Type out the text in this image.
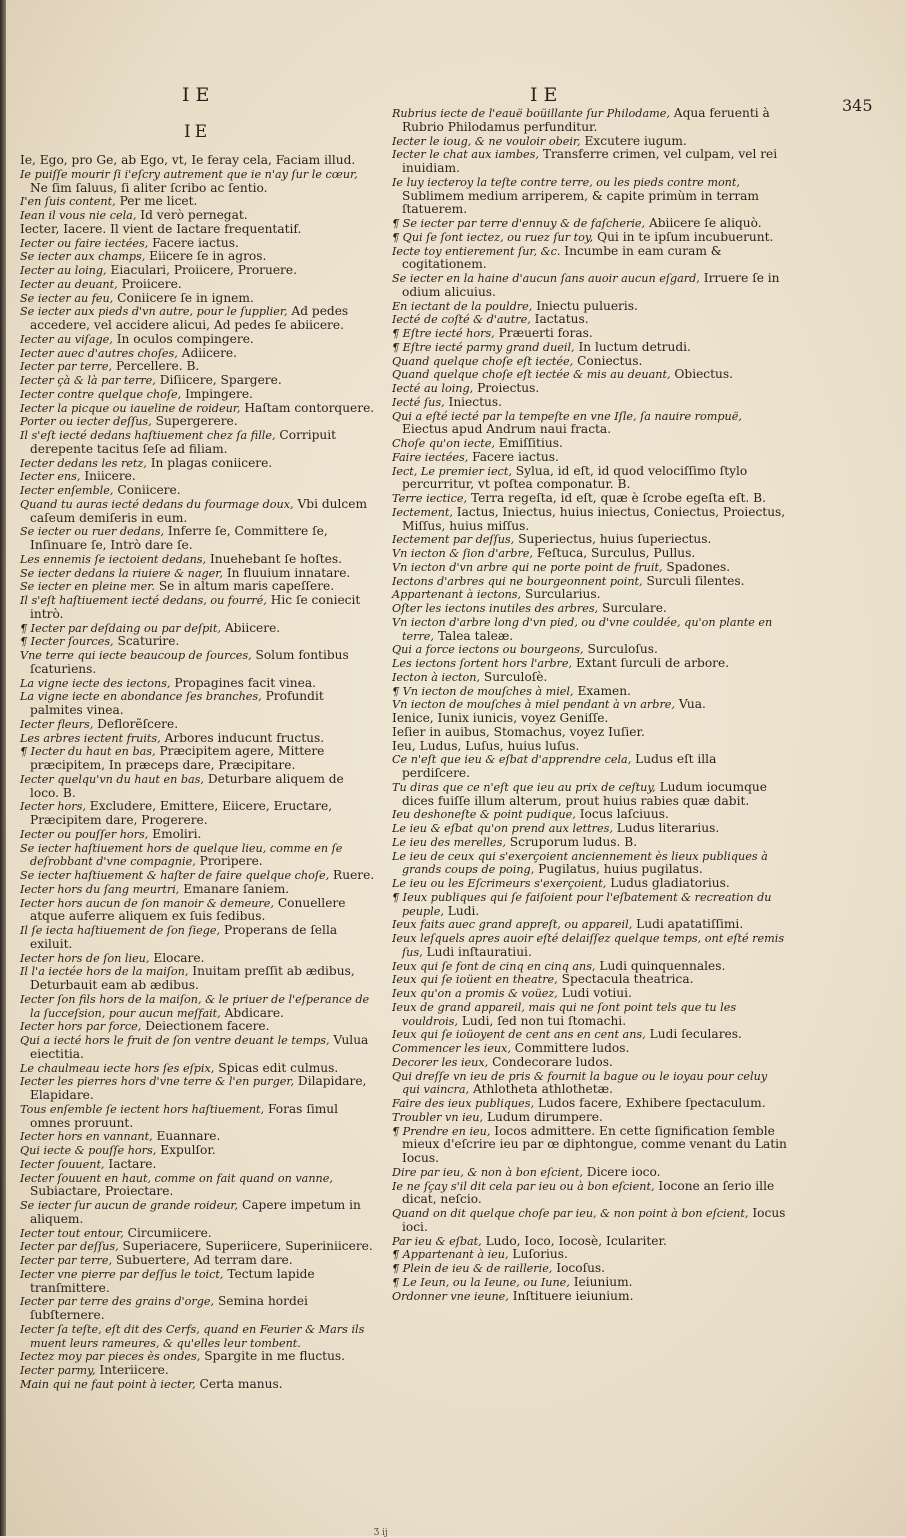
IE	IE	345
IE

Ie, Ego, pro Ge, ab Ego, vt, Ie feray cela, Faciam illud.

Ie puiſſe mourir ſi i'eſcry autrement que ie n'ay ſur le cœur, Ne ſim ſaluus, ſi aliter ſcribo ac ſentio.

I'en ſuis content, Per me licet.

Iean il vous nie cela, Id verò pernegat.

Iecter, Iacere. Il vient de Iactare frequentatif.

Iecter ou faire iectées, Facere iactus.

Se iecter aux champs, Eiicere ſe in agros.

Iecter au loing, Eiaculari, Proiicere, Proruere.

Iecter au deuant, Proiicere.

Se iecter au feu, Coniicere ſe in ignem.

Se iecter aux pieds d'vn autre, pour le ſupplier, Ad pedes accedere, vel accidere alicui, Ad pedes ſe abiicere.

Iecter au viſage, In oculos compingere.

Iecter auec d'autres choſes, Adiicere.

Iecter par terre, Percellere. B.

Iecter çà & là par terre, Diſiicere, Spargere.

Iecter contre quelque choſe, Impingere.

Iecter la picque ou iaueline de roideur, Haſtam contorquere.

Porter ou iecter deſſus, Supergerere.

Il s'eſt iecté dedans haſtiuement chez ſa fille, Corripuit derepente tacitus ſeſe ad filiam.

Iecter dedans les retz, In plagas coniicere.

Iecter ens, Iniicere.

Iecter enſemble, Coniicere.

Quand tu auras iecté dedans du fourmage doux, Vbi dulcem caſeum demiſeris in eum.

Se iecter ou ruer dedans, Inferre ſe, Committere ſe, Inſinuare ſe, Intrò dare ſe.

Les ennemis ſe iectoient dedans, Inuehebant ſe hoſtes.

Se iecter dedans la riuiere & nager, In fluuium innatare.

Se iecter en pleine mer. Se in altum maris capeſſere.

Il s'eſt haſtiuement iecté dedans, ou fourré, Hic ſe coniecit intrò.

¶ Iecter par deſdaing ou par deſpit, Abiicere.

¶ Iecter ſources, Scaturire.

Vne terre qui iecte beaucoup de ſources, Solum fontibus ſcaturiens.

La vigne iecte des iectons, Propagines facit vinea.

La vigne iecte en abondance ſes branches, Profundit palmites vinea.

Iecter fleurs, Deflorẽſcere.

Les arbres iectent fruits, Arbores inducunt fructus.

¶ Iecter du haut en bas, Præcipitem agere, Mittere præcipitem, In præceps dare, Præcipitare.

Iecter quelqu'vn du haut en bas, Deturbare aliquem de loco. B.

Iecter hors, Excludere, Emittere, Eiicere, Eructare, Præcipitem dare, Progerere.

Iecter ou pouſſer hors, Emoliri.

Se iecter haſtiuement hors de quelque lieu, comme en ſe deſrobbant d'vne compagnie, Proripere.

Se iecter haſtiuement & haſter de faire quelque choſe, Ruere.

Iecter hors du ſang meurtri, Emanare ſaniem.

Iecter hors aucun de ſon manoir & demeure, Conuellere atque auferre aliquem ex ſuis ſedibus.

Il ſe iecta haſtiuement de ſon ſiege, Properans de ſella exiluit.

Iecter hors de ſon lieu, Elocare.

Il l'a iectée hors de la maiſon, Inuitam preſſit ab ædibus, Deturbauit eam ab ædibus.

Iecter ſon fils hors de la maiſon, & le priuer de l'eſperance de la ſucceſsion, pour aucun meſfait, Abdicare.

Iecter hors par force, Deiectionem facere.

Qui a iecté hors le fruit de ſon ventre deuant le temps, Vulua eiectitia.

Le chaulmeau iecte hors ſes eſpix, Spicas edit culmus.

Iecter les pierres hors d'vne terre & l'en purger, Dilapidare, Elapidare.

Tous enſemble ſe iectent hors haſtiuement, Foras ſimul omnes proruunt.

Iecter hors en vannant, Euannare.

Qui iecte & pouſſe hors, Expulſor.

Iecter ſouuent, Iactare.

Iecter ſouuent en haut, comme on fait quand on vanne, Subiactare, Proiectare.

Se iecter ſur aucun de grande roideur, Capere impetum in aliquem.

Iecter tout entour, Circumiicere.

Iecter par deſſus, Superiacere, Superiicere, Superiniicere.

Iecter par terre, Subuertere, Ad terram dare.

Iecter vne pierre par deſſus le toict, Tectum lapide tranſmittere.

Iecter par terre des grains d'orge, Semina hordei ſubſternere.

Iecter ſa teſte, eſt dit des Cerfs, quand en Feurier & Mars ils muent leurs rameures, & qu'elles leur tombent.

Iectez moy par pieces ès ondes, Spargite in me fluctus.

Iecter parmy, Interiicere.

Main qui ne faut point à iecter, Certa manus.

Rubrius iecte de l'eauë boüillante ſur Philodame, Aqua feruenti à Rubrio Philodamus perfunditur.

Iecter le ioug, & ne vouloir obeir, Excutere iugum.

Iecter le chat aux iambes, Transferre crimen, vel culpam, vel rei inuidiam.

Ie luy iecteroy la teſte contre terre, ou les pieds contre mont, Sublimem medium arriperem, & capite primùm in terram ſtatuerem.

¶ Se iecter par terre d'ennuy & de faſcherie, Abiicere ſe aliquò.

¶ Qui ſe ſont iectez, ou ruez ſur toy, Qui in te ipſum incubuerunt.

Iecte toy entierement ſur, &c. Incumbe in eam curam & cogitationem.

Se iecter en la haine d'aucun ſans auoir aucun eſgard, Irruere ſe in odium alicuius.

En iectant de la pouldre, Iniectu pulueris.

Iecté de coſté & d'autre, Iactatus.

¶ Eſtre iecté hors, Præuerti foras.

¶ Eſtre iecté parmy grand dueil, In luctum detrudi.

Quand quelque choſe eſt iectée, Coniectus.

Quand quelque choſe eſt iectée & mis au deuant, Obiectus.

Iecté au loing, Proiectus.

Iecté ſus, Iniectus.

Qui a eſté iecté par la tempeſte en vne Iſle, ſa nauire rompuë, Eiectus apud Andrum naui fracta.

Choſe qu'on iecte, Emiſſitius.

Faire iectées, Facere iactus.

Iect, Le premier iect, Sylua, id eſt, id quod velociſſimo ſtylo percurritur, vt poſtea componatur. B.

Terre iectice, Terra regeſta, id eſt, quæ è ſcrobe egeſta eſt. B.

Iectement, Iactus, Iniectus, huius iniectus, Coniectus, Proiectus, Miſſus, huius miſſus.

Iectement par deſſus, Superiectus, huius ſuperiectus.

Vn iecton & ſion d'arbre, Feſtuca, Surculus, Pullus.

Vn iecton d'vn arbre qui ne porte point de fruit, Spadones.

Iectons d'arbres qui ne bourgeonnent point, Surculi ſilentes.

Appartenant à iectons, Surcularius.

Oſter les iectons inutiles des arbres, Surculare.

Vn iecton d'arbre long d'vn pied, ou d'vne couldée, qu'on plante en terre, Talea taleæ.

Qui a force iectons ou bourgeons, Surculoſus.

Les iectons ſortent hors l'arbre, Extant ſurculi de arbore.

Iecton à iecton, Surculoſè.

¶ Vn iecton de mouſches à miel, Examen.

Vn iecton de mouſches à miel pendant à vn arbre, Vua.

Ienice, Iunix iunicis, voyez Geniſſe.

Ieſier in auibus, Stomachus, voyez Iuſier.

Ieu, Ludus, Luſus, huius luſus.

Ce n'eſt que ieu & eſbat d'apprendre cela, Ludus eſt illa perdiſcere.

Tu diras que ce n'eſt que ieu au prix de ceſtuy, Ludum iocumque dices fuiſſe illum alterum, prout huius rabies quæ dabit.

Ieu deshoneſte & point pudique, Iocus laſciuus.

Le ieu & eſbat qu'on prend aux lettres, Ludus literarius.

Le ieu des merelles, Scruporum ludus. B.

Le ieu de ceux qui s'exerçoient anciennement ès lieux publiques à grands coups de poing, Pugilatus, huius pugilatus.

Le ieu ou les Eſcrimeurs s'exerçoient, Ludus gladiatorius.

¶ Ieux publiques qui ſe faiſoient pour l'eſbatement & recreation du peuple, Ludi.

Ieux faits auec grand appreſt, ou appareil, Ludi apatatiſſimi.

Ieux leſquels apres auoir eſté delaiſſez quelque temps, ont eſté remis ſus, Ludi inſtauratiui.

Ieux qui ſe font de cinq en cinq ans, Ludi quinquennales.

Ieux qui ſe ioüent en theatre, Spectacula theatrica.

Ieux qu'on a promis & voüez, Ludi votiui.

Ieux de grand appareil, mais qui ne ſont point tels que tu les vouldrois, Ludi, ſed non tui ſtomachi.

Ieux qui ſe ioüoyent de cent ans en cent ans, Ludi ſeculares.

Commencer les ieux, Committere ludos.

Decorer les ieux, Condecorare ludos.

Qui dreſſe vn ieu de pris & fournit la bague ou le ioyau pour celuy qui vaincra, Athlotheta athlothetæ.

Faire des ieux publiques, Ludos facere, Exhibere ſpectaculum.

Troubler vn ieu, Ludum dirumpere.

¶ Prendre en ieu, Iocos admittere. En cette ſignification ſemble mieux d'eſcrire ieu par œ diphtongue, comme venant du Latin Iocus.

Dire par ieu, & non à bon eſcient, Dicere ioco.

Ie ne ſçay s'il dit cela par ieu ou à bon eſcient, Iocone an ſerio ille dicat, neſcio.

Quand on dit quelque choſe par ieu, & non point à bon eſcient, Iocus ioci.

Par ieu & eſbat, Ludo, Ioco, Iocosè, Iculariter.

¶ Appartenant à ieu, Luſorius.

¶ Plein de ieu & de raillerie, Iocoſus.

¶ Le Ieun, ou la Ieune, ou Iune, Ieiunium.

Ordonner vne ieune, Inſtituere ieiunium.

Ʒ ij
